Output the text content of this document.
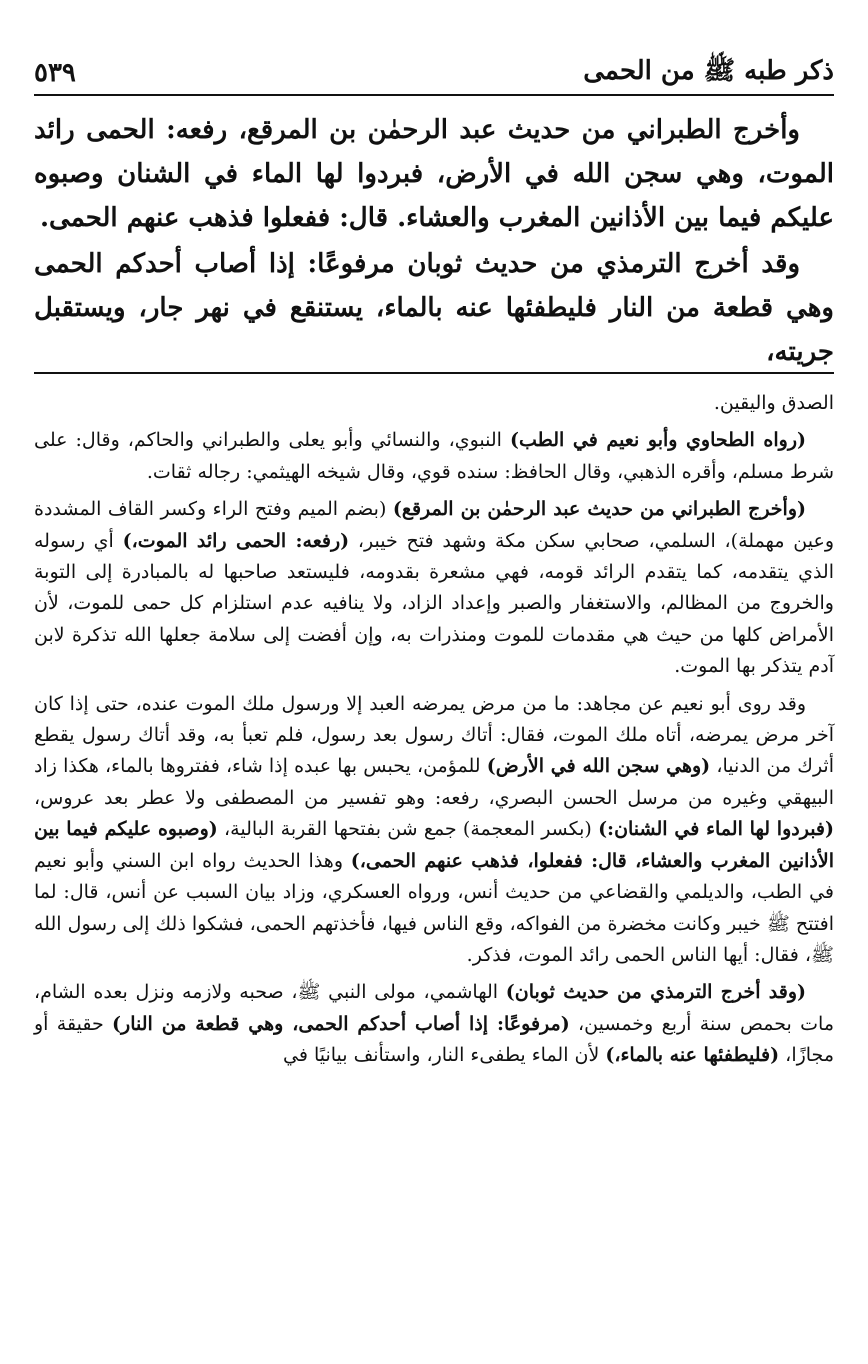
ذكر طبه ﷺ من الحمى
٥٣٩

وأخرج الطبراني من حديث عبد الرحمٰن بن المرقع، رفعه: الحمى رائد الموت، وهي سجن الله في الأرض، فبردوا لها الماء في الشنان وصبوه عليكم فيما بين الأذانين المغرب والعشاء. قال: ففعلوا فذهب عنهم الحمى.

وقد أخرج الترمذي من حديث ثوبان مرفوعًا: إذا أصاب أحدكم الحمى وهي قطعة من النار فليطفئها عنه بالماء، يستنقع في نهر جار، ويستقبل جريته،

الصدق واليقين.

(رواه الطحاوي وأبو نعيم في الطب) النبوي، والنسائي وأبو يعلى والطبراني والحاكم، وقال: على شرط مسلم، وأقره الذهبي، وقال الحافظ: سنده قوي، وقال شيخه الهيثمي: رجاله ثقات.

(وأخرج الطبراني من حديث عبد الرحمٰن بن المرقع) (بضم الميم وفتح الراء وكسر القاف المشددة وعين مهملة)، السلمي، صحابي سكن مكة وشهد فتح خيبر، (رفعه: الحمى رائد الموت،) أي رسوله الذي يتقدمه، كما يتقدم الرائد قومه، فهي مشعرة بقدومه، فليستعد صاحبها له بالمبادرة إلى التوبة والخروج من المظالم، والاستغفار والصبر وإعداد الزاد، ولا ينافيه عدم استلزام كل حمى للموت، لأن الأمراض كلها من حيث هي مقدمات للموت ومنذرات به، وإن أفضت إلى سلامة جعلها الله تذكرة لابن آدم يتذكر بها الموت.

وقد روى أبو نعيم عن مجاهد: ما من مرض يمرضه العبد إلا ورسول ملك الموت عنده، حتى إذا كان آخر مرض يمرضه، أتاه ملك الموت، فقال: أتاك رسول بعد رسول، فلم تعبأ به، وقد أتاك رسول يقطع أثرك من الدنيا، (وهي سجن الله في الأرض) للمؤمن، يحبس بها عبده إذا شاء، ففتروها بالماء، هكذا زاد البيهقي وغيره من مرسل الحسن البصري، رفعه: وهو تفسير من المصطفى ولا عطر بعد عروس، (فبردوا لها الماء في الشنان:) (بكسر المعجمة) جمع شن بفتحها القربة البالية، (وصبوه عليكم فيما بين الأذانين المغرب والعشاء، قال: ففعلوا، فذهب عنهم الحمى،) وهذا الحديث رواه ابن السني وأبو نعيم في الطب، والديلمي والقضاعي من حديث أنس، ورواه العسكري، وزاد بيان السبب عن أنس، قال: لما افتتح ﷺ خيبر وكانت مخضرة من الفواكه، وقع الناس فيها، فأخذتهم الحمى، فشكوا ذلك إلى رسول الله ﷺ، فقال: أيها الناس الحمى رائد الموت، فذكر.

(وقد أخرج الترمذي من حديث ثوبان) الهاشمي، مولى النبي ﷺ، صحبه ولازمه ونزل بعده الشام، مات بحمص سنة أربع وخمسين، (مرفوعًا: إذا أصاب أحدكم الحمى، وهي قطعة من النار) حقيقة أو مجازًا، (فليطفئها عنه بالماء،) لأن الماء يطفىء النار، واستأنف بيانيًا في
